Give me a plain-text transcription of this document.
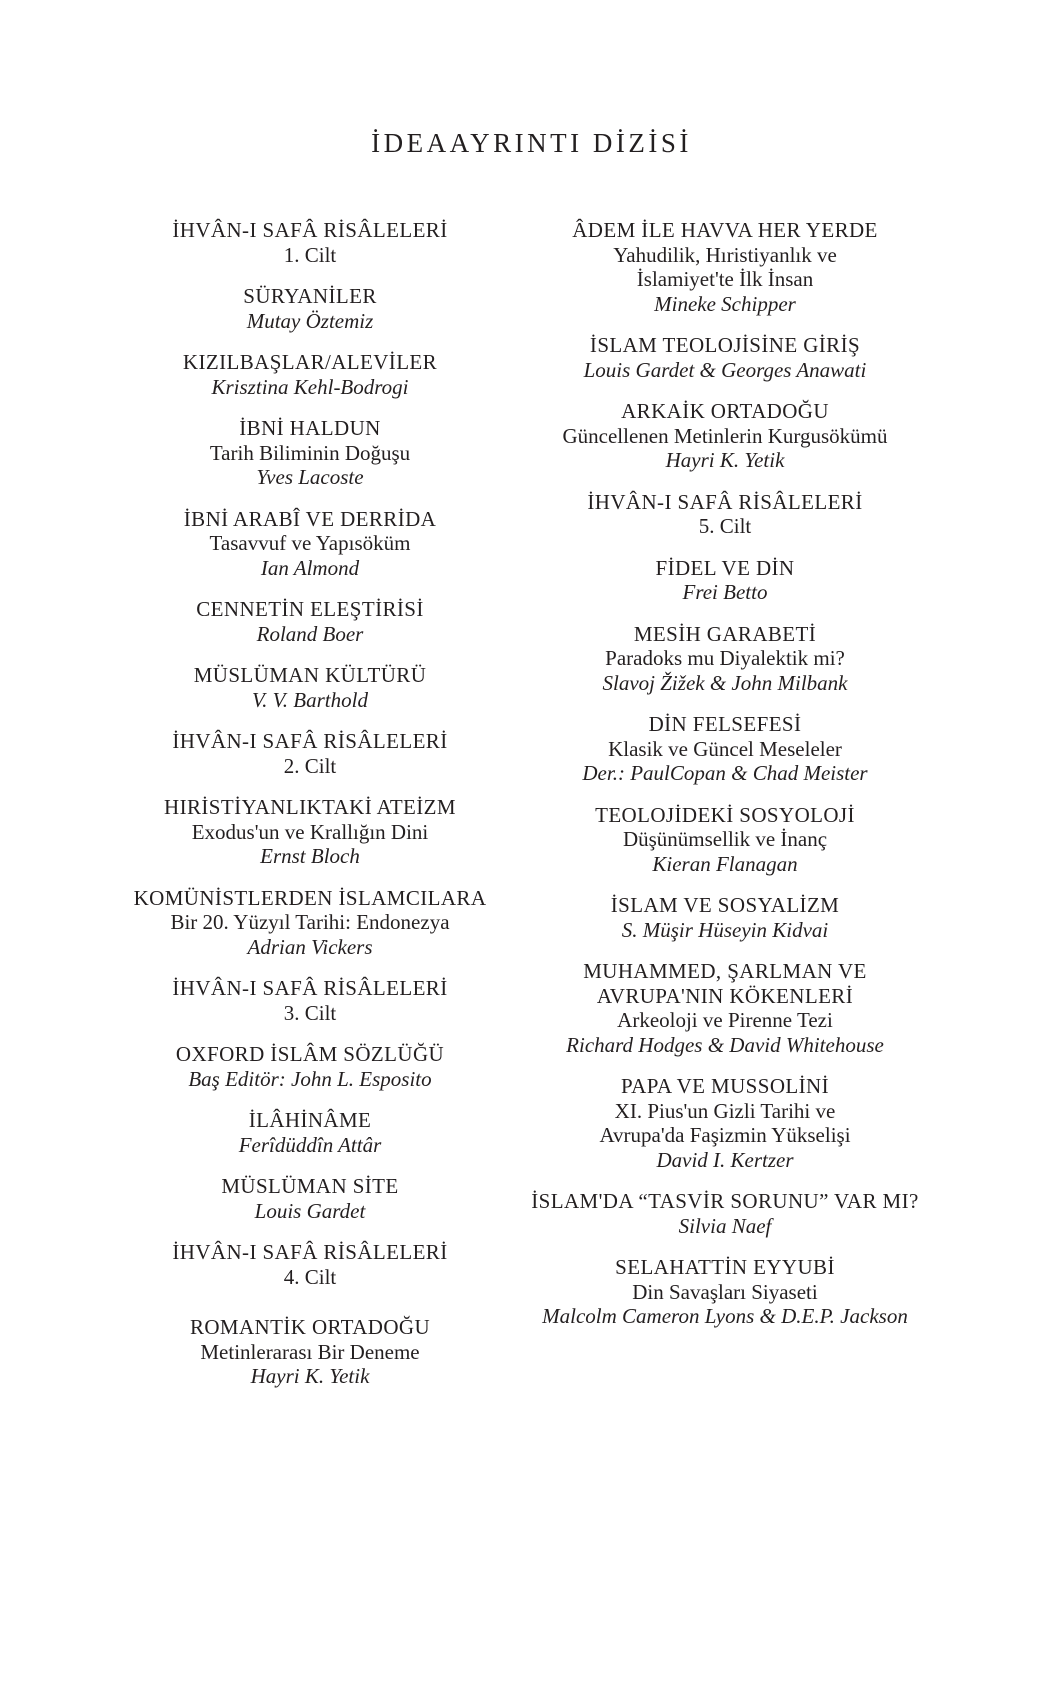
İDEAAYRINTI DİZİSİ
İHVÂN-I SAFÂ RİSÂLELERİ
1. Cilt
SÜRYANİLER
Mutay Öztemiz
KIZILBAŞLAR/ALEVİLER
Krisztina Kehl-Bodrogi
İBNİ HALDUN
Tarih Biliminin Doğuşu
Yves Lacoste
İBNİ ARABÎ VE DERRİDA
Tasavvuf ve Yapısöküm
Ian Almond
CENNETİN ELEŞTİRİSİ
Roland Boer
MÜSLÜMAN KÜLTÜRÜ
V. V. Barthold
İHVÂN-I SAFÂ RİSÂLELERİ
2. Cilt
HIRİSTİYANLIKTAKİ ATEİZM
Exodus'un ve Krallığın Dini
Ernst Bloch
KOMÜNİSTLERDEN İSLAMCILARA
Bir 20. Yüzyıl Tarihi: Endonezya
Adrian Vickers
İHVÂN-I SAFÂ RİSÂLELERİ
3. Cilt
OXFORD İSLÂM SÖZLÜĞÜ
Baş Editör: John L. Esposito
İLÂHİNÂME
Ferîdüddîn Attâr
MÜSLÜMAN SİTE
Louis Gardet
İHVÂN-I SAFÂ RİSÂLELERİ
4. Cilt
ROMANTİK ORTADOĞU
Metinlerarası Bir Deneme
Hayri K. Yetik
ÂDEM İLE HAVVA HER YERDE
Yahudilik, Hıristiyanlık ve
İslamiyet'te İlk İnsan
Mineke Schipper
İSLAM TEOLOJİSİNE GİRİŞ
Louis Gardet & Georges Anawati
ARKAİK ORTADOĞU
Güncellenen Metinlerin Kurgusökümü
Hayri K. Yetik
İHVÂN-I SAFÂ RİSÂLELERİ
5. Cilt
FİDEL VE DİN
Frei Betto
MESİH GARABETİ
Paradoks mu Diyalektik mi?
Slavoj Žižek & John Milbank
DİN FELSEFESİ
Klasik ve Güncel Meseleler
Der.: PaulCopan & Chad Meister
TEOLOJİDEKİ SOSYOLOJİ
Düşünümsellik ve İnanç
Kieran Flanagan
İSLAM VE SOSYALİZM
S. Müşir Hüseyin Kidvai
MUHAMMED, ŞARLMAN VE
AVRUPA'NIN KÖKENLERİ
Arkeoloji ve Pirenne Tezi
Richard Hodges & David Whitehouse
PAPA VE MUSSOLİNİ
XI. Pius'un Gizli Tarihi ve
Avrupa'da Faşizmin Yükselişi
David I. Kertzer
İSLAM'DA “TASVİR SORUNU” VAR MI?
Silvia Naef
SELAHATTİN EYYUBİ
Din Savaşları Siyaseti
Malcolm Cameron Lyons & D.E.P. Jackson
